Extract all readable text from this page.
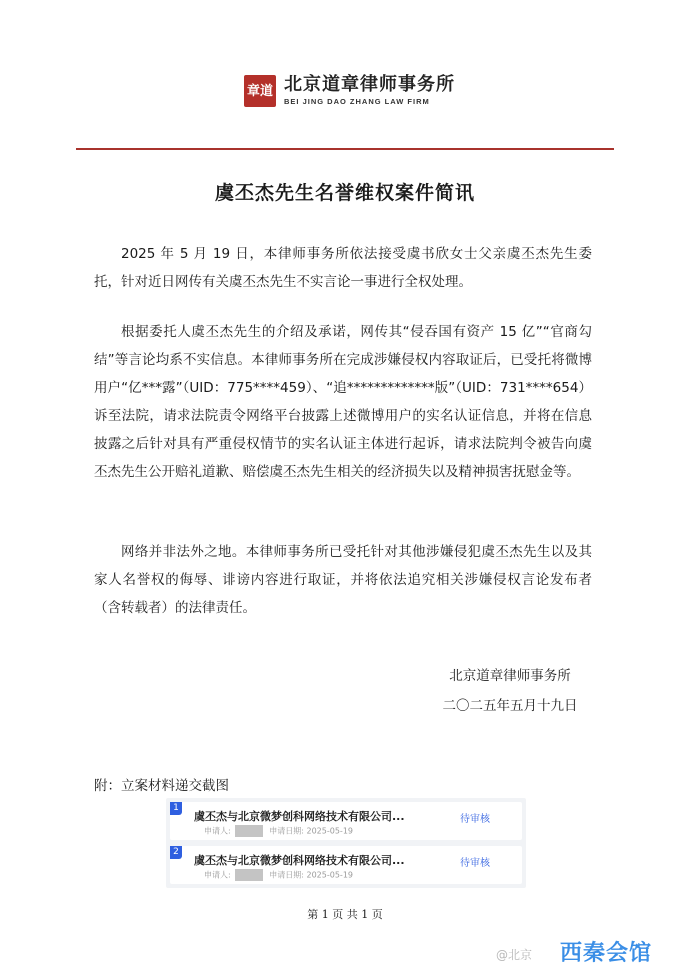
章道 北京道章律师事务所
BEI JING DAO ZHANG LAW FIRM
虞丕杰先生名誉维权案件简讯

2025 年 5 月 19 日，本律师事务所依法接受虞书欣女士父亲虞丕杰先生委托，针对近日网传有关虞丕杰先生不实言论一事进行全权处理。

根据委托人虞丕杰先生的介绍及承诺，网传其“侵吞国有资产 15 亿”“官商勾结”等言论均系不实信息。本律师事务所在完成涉嫌侵权内容取证后，已受托将微博用户“亿***露”（UID：775****459）、“追*************版”（UID：731****654）诉至法院，请求法院责令网络平台披露上述微博用户的实名认证信息，并将在信息披露之后针对具有严重侵权情节的实名认证主体进行起诉，请求法院判令被告向虞丕杰先生公开赔礼道歉、赔偿虞丕杰先生相关的经济损失以及精神损害抚慰金等。

网络并非法外之地。本律师事务所已受托针对其他涉嫌侵犯虞丕杰先生以及其家人名誉权的侮辱、诽谤内容进行取证，并将依法追究相关涉嫌侵权言论发布者（含转载者）的法律责任。

北京道章律师事务所
二〇二五年五月十九日
附：立案材料递交截图
1
虞丕杰与北京微梦创科网络技术有限公司...	待审核
申请人:	申请日期: 2025-05-19
2
虞丕杰与北京微梦创科网络技术有限公司...	待审核
申请人:	申请日期: 2025-05-19
第 1 页 共 1 页
@北京 西秦会馆
